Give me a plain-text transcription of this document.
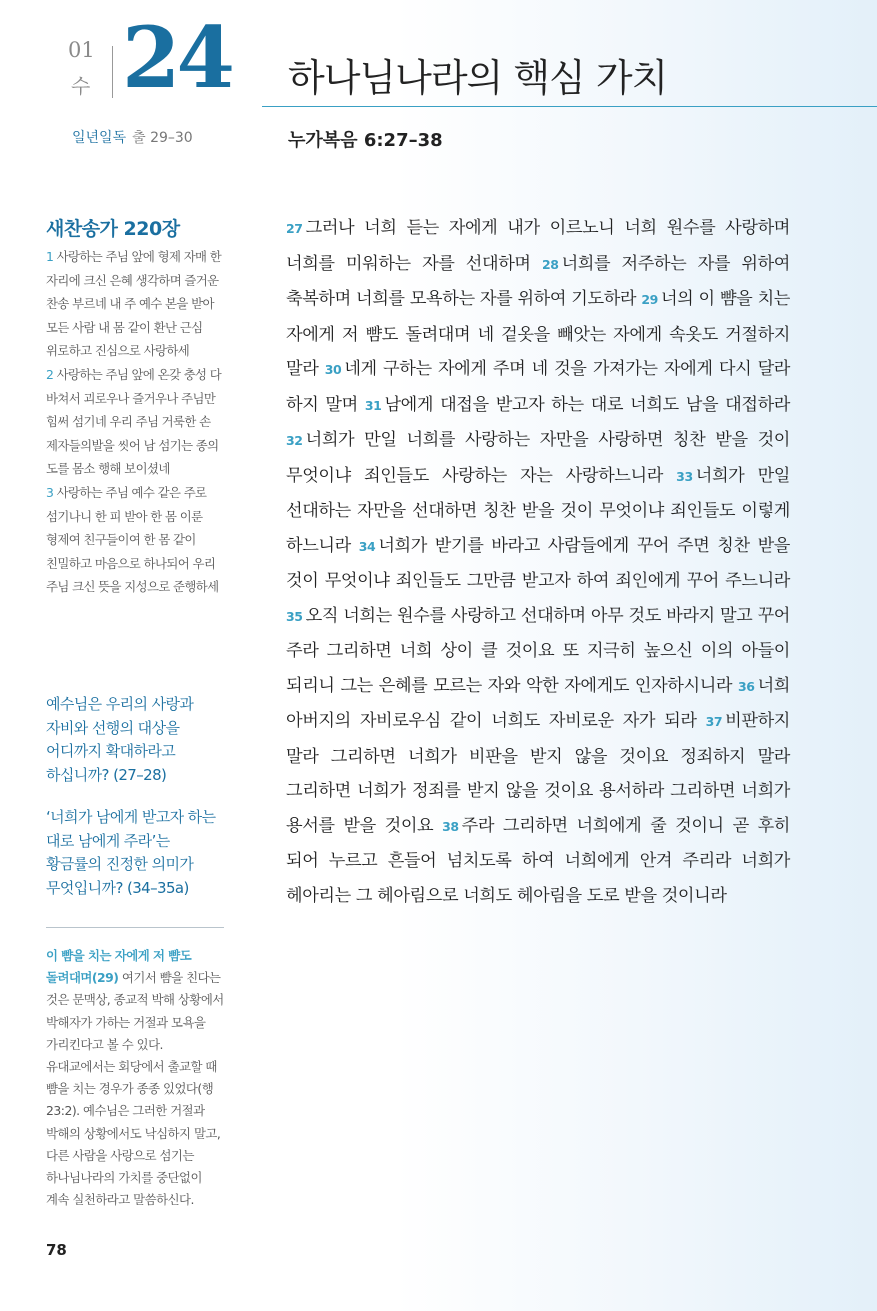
01
수 24 하나님나라의 핵심 가치
일년일독 출 29–30	누가복음 6:27–38
새찬송가 220장

1 사랑하는 주님 앞에 형제 자매 한 자리에 크신 은혜 생각하며 즐거운 찬송 부르네 내 주 예수 본을 받아 모든 사람 내 몸 같이 환난 근심 위로하고 진심으로 사랑하세
2 사랑하는 주님 앞에 온갖 충성 다 바쳐서 괴로우나 즐거우나 주님만 힘써 섬기네 우리 주님 거룩한 손 제자들의발을 씻어 남 섬기는 종의 도를 몸소 행해 보이셨네
3 사랑하는 주님 예수 같은 주로 섬기나니 한 피 받아 한 몸 이룬 형제여 친구들이여 한 몸 같이 친밀하고 마음으로 하나되어 우리 주님 크신 뜻을 지성으로 준행하세

예수님은 우리의 사랑과 자비와 선행의 대상을 어디까지 확대하라고 하십니까? (27–28)

‘너희가 남에게 받고자 하는 대로 남에게 주라’는 황금률의 진정한 의미가 무엇입니까? (34–35a)

이 뺨을 치는 자에게 저 뺨도 돌려대며(29) 여기서 뺨을 친다는 것은 문맥상, 종교적 박해 상황에서 박해자가 가하는 거절과 모욕을 가리킨다고 볼 수 있다. 유대교에서는 회당에서 출교할 때 뺨을 치는 경우가 종종 있었다(행 23:2). 예수님은 그러한 거절과 박해의 상황에서도 낙심하지 말고, 다른 사람을 사랑으로 섬기는 하나님나라의 가치를 중단없이 계속 실천하라고 말씀하신다.

78

27 그러나 너희 듣는 자에게 내가 이르노니 너희 원수를 사랑하며 너희를 미워하는 자를 선대하며 28 너희를 저주하는 자를 위하여 축복하며 너희를 모욕하는 자를 위하여 기도하라 29 너의 이 뺨을 치는 자에게 저 뺨도 돌려대며 네 겉옷을 빼앗는 자에게 속옷도 거절하지 말라 30 네게 구하는 자에게 주며 네 것을 가져가는 자에게 다시 달라 하지 말며 31 남에게 대접을 받고자 하는 대로 너희도 남을 대접하라 32 너희가 만일 너희를 사랑하는 자만을 사랑하면 칭찬 받을 것이 무엇이냐 죄인들도 사랑하는 자는 사랑하느니라 33 너희가 만일 선대하는 자만을 선대하면 칭찬 받을 것이 무엇이냐 죄인들도 이렇게 하느니라 34 너희가 받기를 바라고 사람들에게 꾸어 주면 칭찬 받을 것이 무엇이냐 죄인들도 그만큼 받고자 하여 죄인에게 꾸어 주느니라 35 오직 너희는 원수를 사랑하고 선대하며 아무 것도 바라지 말고 꾸어 주라 그리하면 너희 상이 클 것이요 또 지극히 높으신 이의 아들이 되리니 그는 은혜를 모르는 자와 악한 자에게도 인자하시니라 36 너희 아버지의 자비로우심 같이 너희도 자비로운 자가 되라 37 비판하지 말라 그리하면 너희가 비판을 받지 않을 것이요 정죄하지 말라 그리하면 너희가 정죄를 받지 않을 것이요 용서하라 그리하면 너희가 용서를 받을 것이요 38 주라 그리하면 너희에게 줄 것이니 곧 후히 되어 누르고 흔들어 넘치도록 하여 너희에게 안겨 주리라 너희가 헤아리는 그 헤아림으로 너희도 헤아림을 도로 받을 것이니라
